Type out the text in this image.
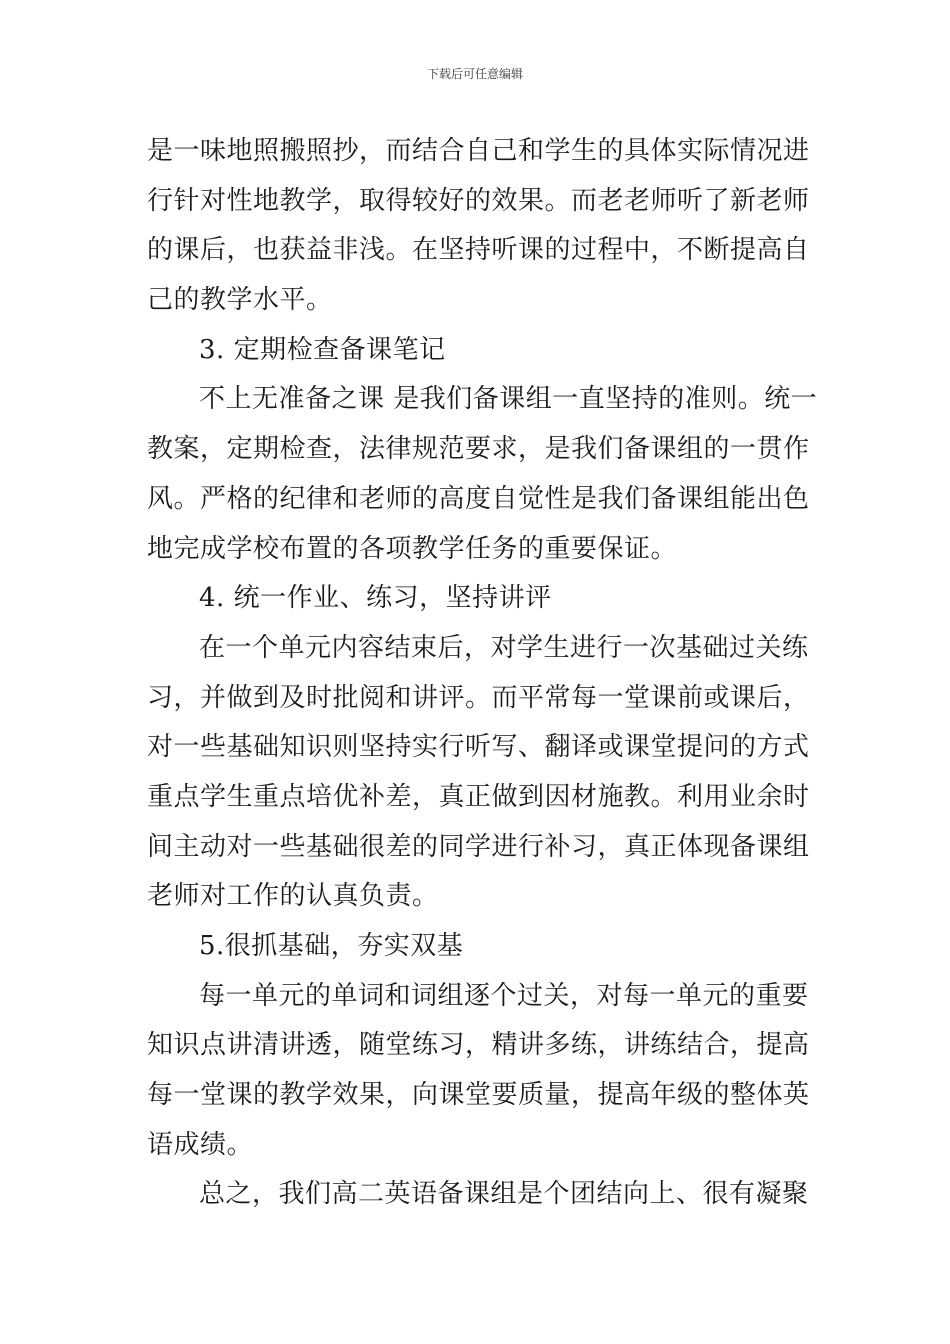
下载后可任意编辑
是一味地照搬照抄，而结合自己和学生的具体实际情况进
行针对性地教学，取得较好的效果。而老老师听了新老师
的课后，也获益非浅。在坚持听课的过程中，不断提高自
己的教学水平。
3. 定期检查备课笔记
不上无准备之课 是我们备课组一直坚持的准则。统一
教案，定期检查，法律规范要求，是我们备课组的一贯作
风。严格的纪律和老师的高度自觉性是我们备课组能出色
地完成学校布置的各项教学任务的重要保证。
4. 统一作业、练习，坚持讲评
在一个单元内容结束后，对学生进行一次基础过关练
习，并做到及时批阅和讲评。而平常每一堂课前或课后，
对一些基础知识则坚持实行听写、翻译或课堂提问的方式
重点学生重点培优补差，真正做到因材施教。利用业余时
间主动对一些基础很差的同学进行补习，真正体现备课组
老师对工作的认真负责。
5.很抓基础，夯实双基
每一单元的单词和词组逐个过关，对每一单元的重要
知识点讲清讲透，随堂练习，精讲多练，讲练结合，提高
每一堂课的教学效果，向课堂要质量，提高年级的整体英
语成绩。
总之，我们高二英语备课组是个团结向上、很有凝聚
